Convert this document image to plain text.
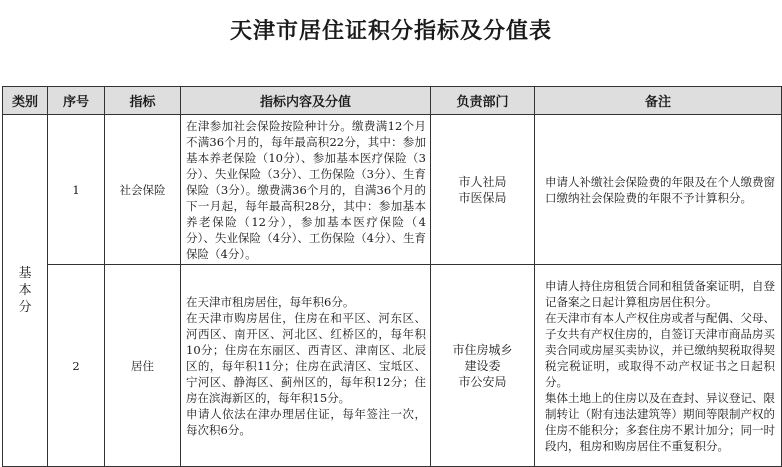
天津市居住证积分指标及分值表
类别	序号	指标	指标内容及分值	负责部门	备注

基
本
分	1	社会保险	在津参加社会保险按险种计分。缴费满12个月不满36个月的，每年最高积22分，其中：参加基本养老保险（10分）、参加基本医疗保险（3分）、失业保险（3分）、工伤保险（3分）、生育保险（3分）。缴费满36个月的，自满36个月的下一月起，每年最高积28分，其中：参加基本养老保险（12分），参加基本医疗保险（4分）、失业保险（4分）、工伤保险（4分）、生育保险（4分）。	市人社局
市医保局	申请人补缴社会保险费的年限及在个人缴费窗口缴纳社会保险费的年限不予计算积分。

	2	居住	在天津市租房居住，每年积6分。
在天津市购房居住，住房在和平区、河东区、河西区、南开区、河北区、红桥区的，每年积10分；住房在东丽区、西青区、津南区、北辰区的，每年积11分；住房在武清区、宝坻区、宁河区、静海区、蓟州区的，每年积12分；住房在滨海新区的，每年积15分。
申请人依法在津办理居住证，每年签注一次，每次积6分。	市住房城乡
建设委
市公安局	申请人持住房租赁合同和租赁备案证明，自登记备案之日起计算租房居住积分。
在天津市有本人产权住房或者与配偶、父母、子女共有产权住房的，自签订天津市商品房买卖合同或房屋买卖协议，并已缴纳契税取得契税完税证明，或取得不动产权证书之日起积分。
集体土地上的住房以及在查封、异议登记、限制转让（附有违法建筑等）期间等限制产权的住房不能积分；多套住房不累计加分；同一时段内，租房和购房居住不重复积分。
